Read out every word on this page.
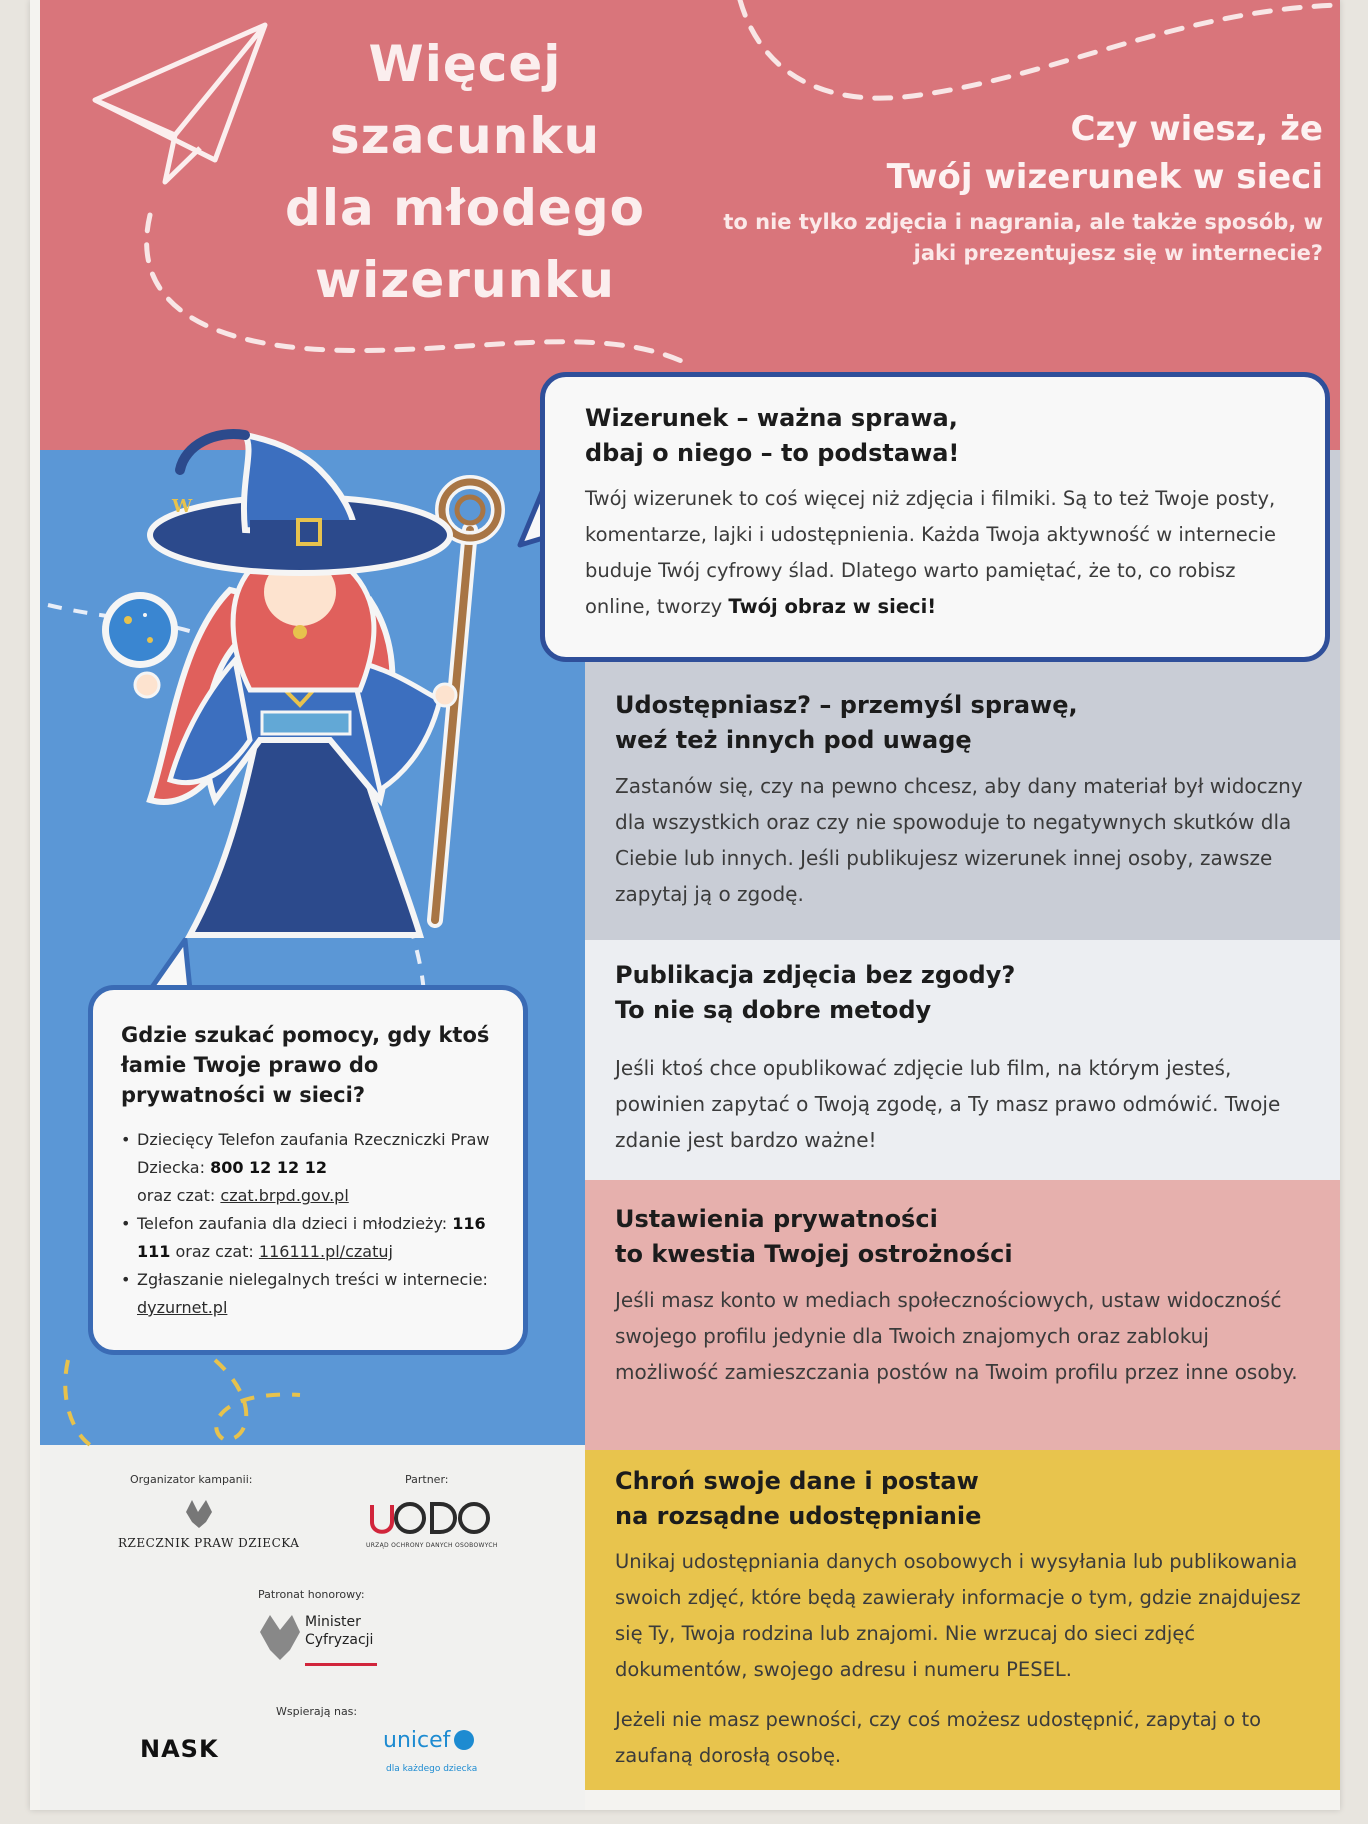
W
Więcej
szacunku
dla młodego
wizerunku
Czy wiesz, że
Twój wizerunek w sieci
to nie tylko zdjęcia i nagrania, ale także sposób, w jaki prezentujesz się w internecie?
Wizerunek – ważna sprawa,
dbaj o niego – to podstawa!

Twój wizerunek to coś więcej niż zdjęcia i filmiki. Są to też Twoje posty, komentarze, lajki i udostępnienia. Każda Twoja aktywność w internecie buduje Twój cyfrowy ślad. Dlatego warto pamiętać, że to, co robisz online, tworzy Twój obraz w sieci!

Udostępniasz? – przemyśl sprawę,
weź też innych pod uwagę

Zastanów się, czy na pewno chcesz, aby dany materiał był widoczny dla wszystkich oraz czy nie spowoduje to negatywnych skutków dla Ciebie lub innych. Jeśli publikujesz wizerunek innej osoby, zawsze zapytaj ją o zgodę.

Publikacja zdjęcia bez zgody?
To nie są dobre metody

Jeśli ktoś chce opublikować zdjęcie lub film, na którym jesteś, powinien zapytać o Twoją zgodę, a Ty masz prawo odmówić. Twoje zdanie jest bardzo ważne!

Ustawienia prywatności
to kwestia Twojej ostrożności

Jeśli masz konto w mediach społecznościowych, ustaw widoczność swojego profilu jedynie dla Twoich znajomych oraz zablokuj możliwość zamieszczania postów na Twoim profilu przez inne osoby.

Chroń swoje dane i postaw
na rozsądne udostępnianie

Unikaj udostępniania danych osobowych i wysyłania lub publikowania swoich zdjęć, które będą zawierały informacje o tym, gdzie znajdujesz się Ty, Twoja rodzina lub znajomi. Nie wrzucaj do sieci zdjęć dokumentów, swojego adresu i numeru PESEL.

Jeżeli nie masz pewności, czy coś możesz udostępnić, zapytaj o to zaufaną dorosłą osobę.

Gdzie szukać pomocy, gdy ktoś łamie Twoje prawo do prywatności w sieci?
• Dziecięcy Telefon zaufania Rzeczniczki Praw Dziecka: 800 12 12 12
oraz czat: czat.brpd.gov.pl
• Telefon zaufania dla dzieci i młodzieży: 116 111 oraz czat: 116111.pl/czatuj
• Zgłaszanie nielegalnych treści w internecie: dyzurnet.pl
Organizator kampanii:
RZECZNIK PRAW DZIECKA
Partner:
URZĄD OCHRONY DANYCH OSOBOWYCH
Patronat honorowy:
Minister
Cyfryzacji
Wspierają nas:
NASK	unicef
dla każdego dziecka
